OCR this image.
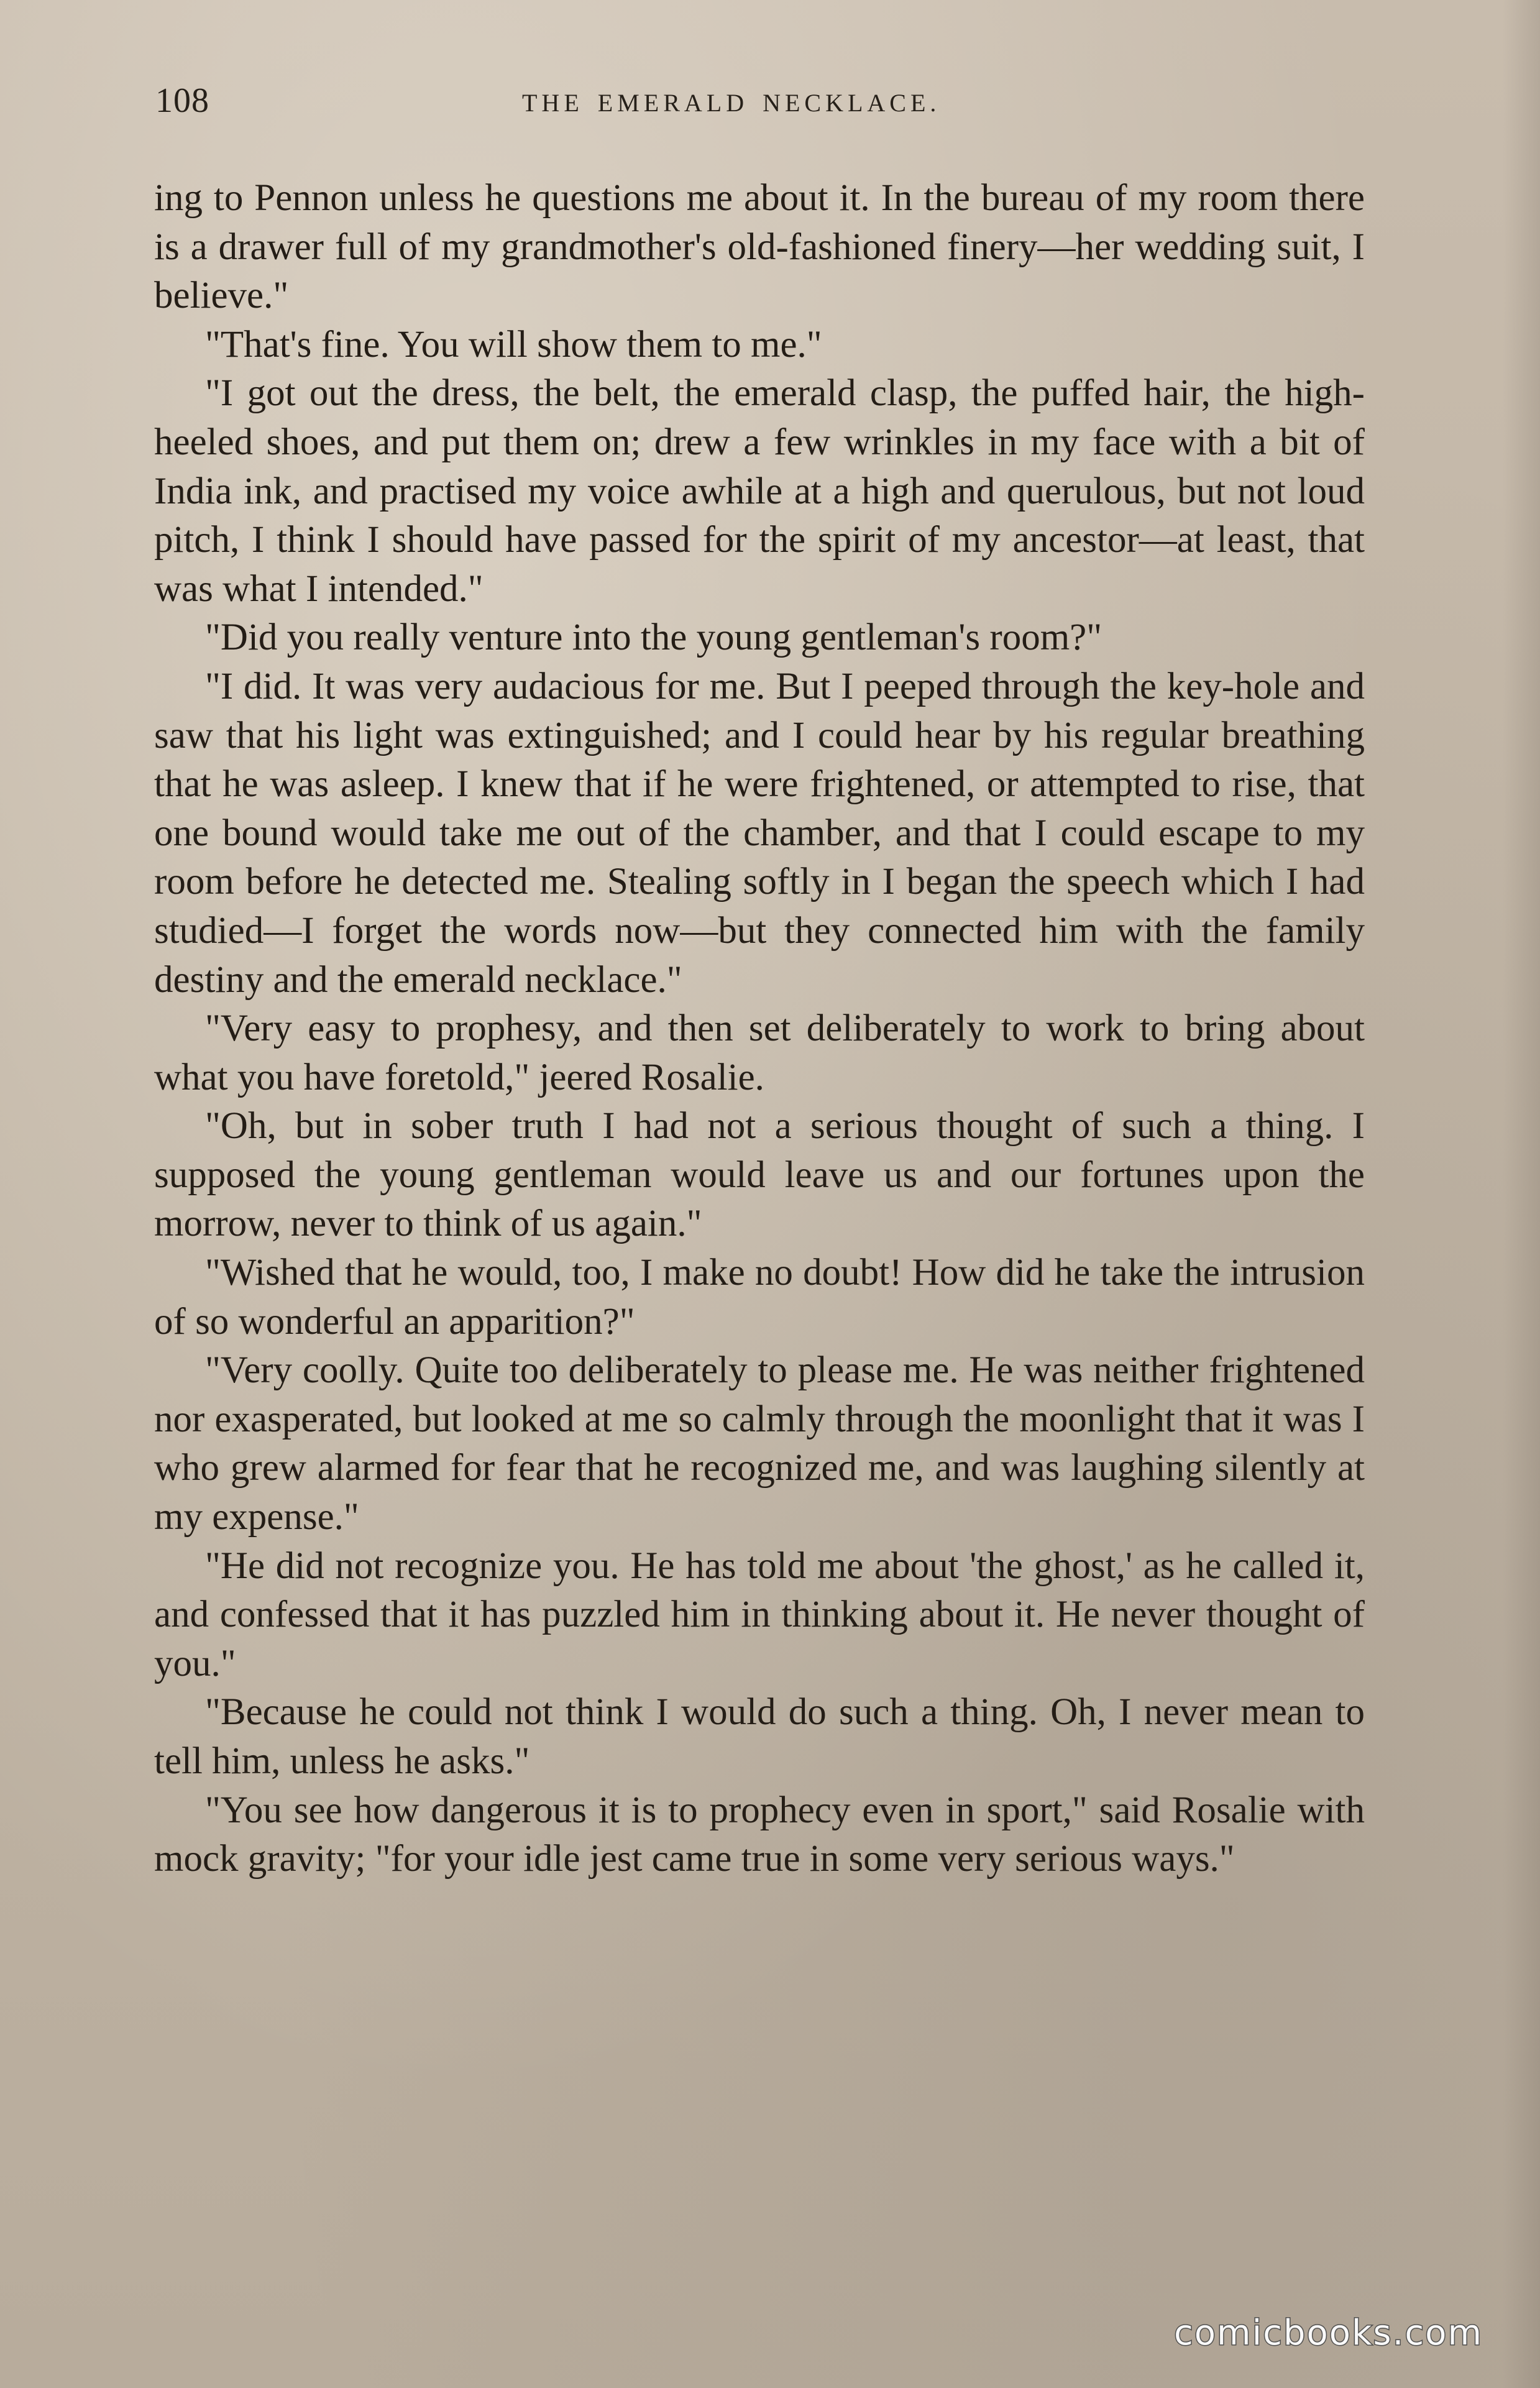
108	THE EMERALD NECKLACE.

ing to Pennon unless he questions me about it. In the bureau of my room there is a drawer full of my grandmother's old-fashioned finery—her wedding suit, I believe."

"That's fine. You will show them to me."

"I got out the dress, the belt, the emerald clasp, the puffed hair, the high-heeled shoes, and put them on; drew a few wrinkles in my face with a bit of India ink, and practised my voice awhile at a high and querulous, but not loud pitch, I think I should have passed for the spirit of my ancestor—at least, that was what I intended."

"Did you really venture into the young gentleman's room?"

"I did. It was very audacious for me. But I peeped through the key-hole and saw that his light was extinguished; and I could hear by his regular breathing that he was asleep. I knew that if he were frightened, or attempted to rise, that one bound would take me out of the chamber, and that I could escape to my room before he detected me. Stealing softly in I began the speech which I had studied—I forget the words now—but they connected him with the family destiny and the emerald necklace."

"Very easy to prophesy, and then set deliberately to work to bring about what you have foretold," jeered Rosalie.

"Oh, but in sober truth I had not a serious thought of such a thing. I supposed the young gentleman would leave us and our fortunes upon the morrow, never to think of us again."

"Wished that he would, too, I make no doubt! How did he take the intrusion of so wonderful an apparition?"

"Very coolly. Quite too deliberately to please me. He was neither frightened nor exasperated, but looked at me so calmly through the moonlight that it was I who grew alarmed for fear that he recognized me, and was laughing silently at my expense."

"He did not recognize you. He has told me about 'the ghost,' as he called it, and confessed that it has puzzled him in thinking about it. He never thought of you."

"Because he could not think I would do such a thing. Oh, I never mean to tell him, unless he asks."

"You see how dangerous it is to prophecy even in sport," said Rosalie with mock gravity; "for your idle jest came true in some very serious ways."

comicbooks.com
